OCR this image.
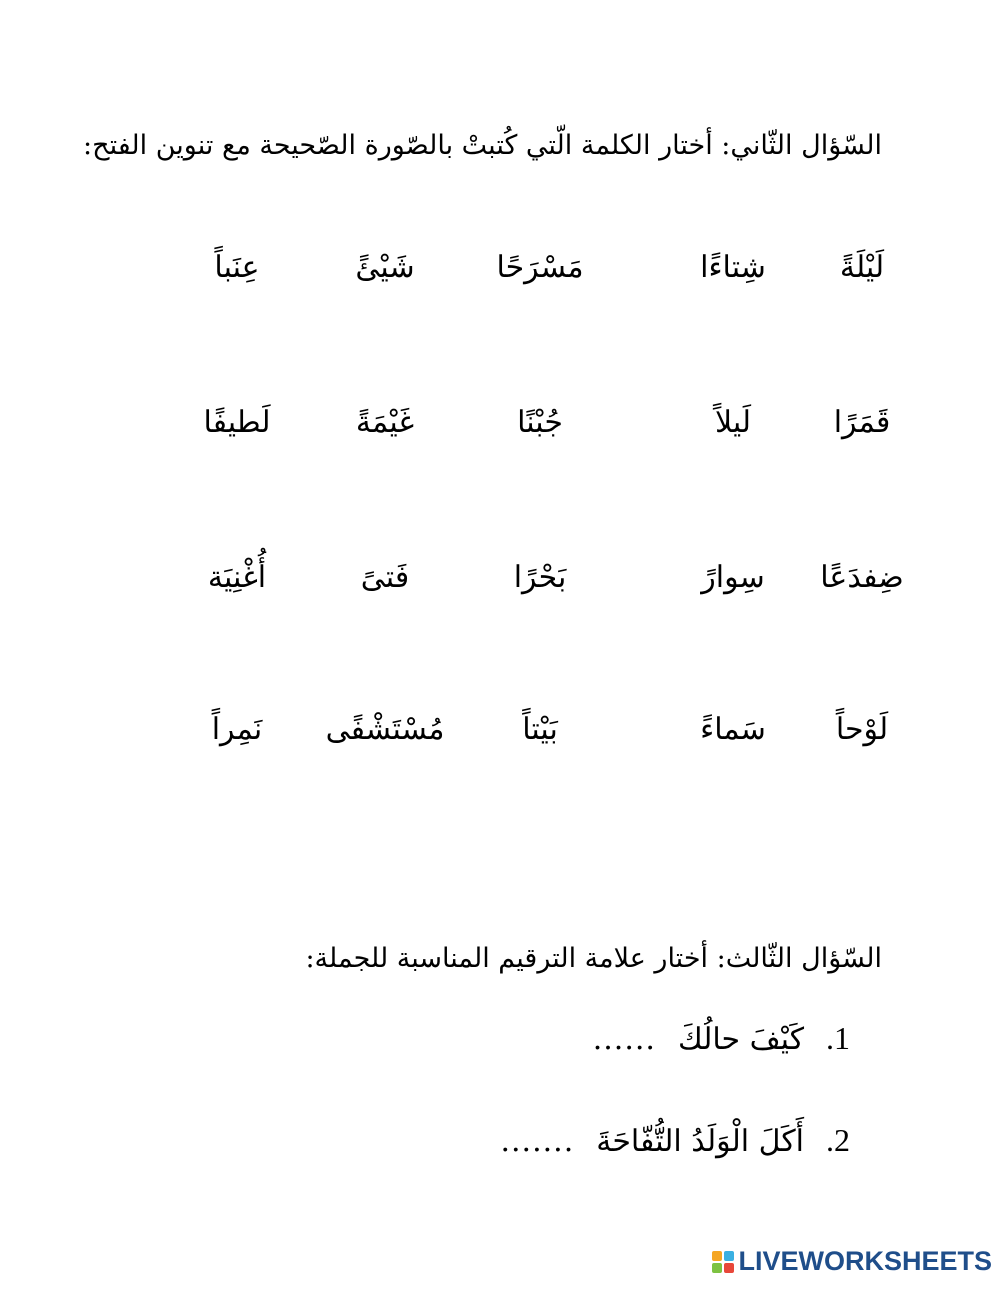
السّؤال الثّاني: أختار الكلمة الّتي كُتبتْ بالصّورة الصّحيحة مع تنوين الفتح:
لَيْلَةً
شِتاءًا
مَسْرَحًا
شَيْئً
عِنَباً
قَمَرًا
لَيلاً
جُبْنًا
غَيْمَةً
لَطيفًا
ضِفدَعًا
سِوارً
بَحْرًا
فَتىً
أُغْنِيَة
لَوْحاً
سَماءً
بَيْتاً
مُسْتَشْفًى
نَمِراً
السّؤال الثّالث: أختار علامة الترقيم المناسبة للجملة:
1.
كَيْفَ حالُكَ
......
2.
أَكَلَ الْوَلَدُ التُّفّاحَةَ
.......
LIVEWORKSHEETS
